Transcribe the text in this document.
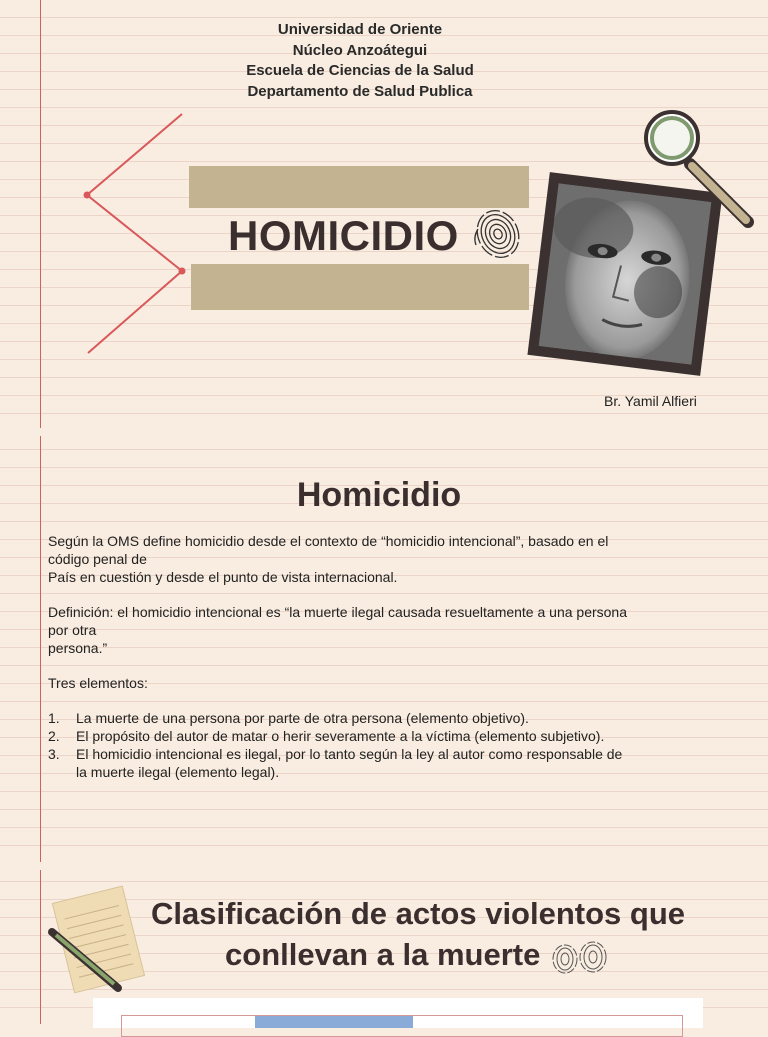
Universidad de Oriente
Núcleo Anzoátegui
Escuela de Ciencias de la Salud
Departamento de Salud Publica
HOMICIDIO
Br. Yamil Alfieri
Homicidio

Según la OMS define homicidio desde el contexto de “homicidio intencional”, basado en el

código penal de

País en cuestión y desde el punto de vista internacional.

Definición: el homicidio intencional es “la muerte ilegal causada resueltamente a una persona

por otra

persona.”

Tres elementos:

1.	La muerte de una persona por parte de otra persona (elemento objetivo).
2.	El propósito del autor de matar o herir severamente a la víctima (elemento subjetivo).
3.	El homicidio intencional es ilegal, por lo tanto según la ley al autor como responsable de
la muerte ilegal (elemento legal).
Clasificación de actos violentos que
conllevan a la muerte
